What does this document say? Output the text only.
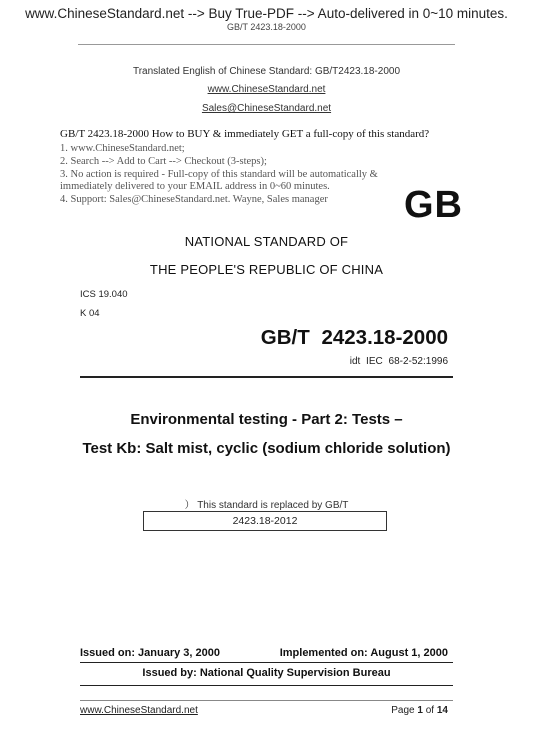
www.ChineseStandard.net --> Buy True-PDF --> Auto-delivered in 0~10 minutes.
GB/T 2423.18-2000
Translated English of Chinese Standard: GB/T2423.18-2000
www.ChineseStandard.net
Sales@ChineseStandard.net
GB/T 2423.18-2000 How to BUY & immediately GET a full-copy of this standard?
1. www.ChineseStandard.net;
2. Search --> Add to Cart --> Checkout (3-steps);
3. No action is required - Full-copy of this standard will be automatically &
immediately delivered to your EMAIL address in 0~60 minutes.
4. Support: Sales@ChineseStandard.net. Wayne, Sales manager	GB
NATIONAL STANDARD OF
THE PEOPLE'S REPUBLIC OF CHINA
ICS 19.040
K 04
GB/T 2423.18-2000
idt IEC 68-2-52:1996
Environmental testing - Part 2: Tests –
Test Kb: Salt mist, cyclic (sodium chloride solution)
） This standard is replaced by GB/T
2423.18-2012
Issued on: January 3, 2000	Implemented on: August 1, 2000
Issued by: National Quality Supervision Bureau
www.ChineseStandard.net	Page 1 of 14
